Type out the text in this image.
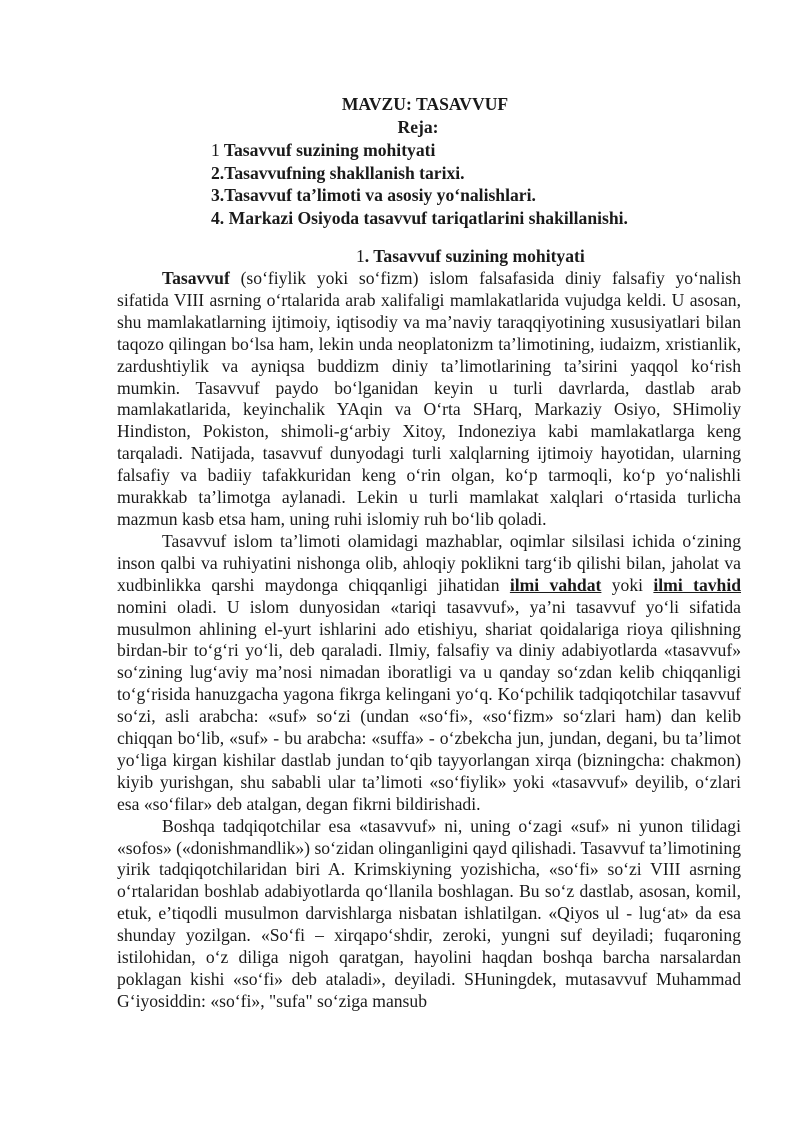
MAVZU: TASAVVUF
Reja:
1 Tasavvuf suzining mohityati
2.Tasavvufning shakllanish tarixi.
3.Tasavvuf ta’limoti va asosiy yo‘nalishlari.
4. Markazi Osiyoda tasavvuf tariqatlarini shakillanishi.
1. Tasavvuf suzining mohityati

Tasavvuf (so‘fiylik yoki so‘fizm) islom falsafasida diniy falsafiy yo‘nalish sifatida VIII asrning o‘rtalarida arab xalifaligi mamlakatlarida vujudga keldi. U asosan, shu mamlakatlarning ijtimoiy, iqtisodiy va ma’naviy taraqqiyotining xususiyatlari bilan taqozo qilingan bo‘lsa ham, lekin unda neoplatonizm ta’limotining, iudaizm, xristianlik, zardushtiylik va ayniqsa buddizm diniy ta’limotlarining ta’sirini yaqqol ko‘rish mumkin. Tasavvuf paydo bo‘lganidan keyin u turli davrlarda, dastlab arab mamlakatlarida, keyinchalik YAqin va O‘rta SHarq, Markaziy Osiyo, SHimoliy Hindiston, Pokiston, shimoli-g‘arbiy Xitoy, Indoneziya kabi mamlakatlarga keng tarqaladi. Natijada, tasavvuf dunyodagi turli xalqlarning ijtimoiy hayotidan, ularning falsafiy va badiiy tafakkuridan keng o‘rin olgan, ko‘p tarmoqli, ko‘p yo‘nalishli murakkab ta’limotga aylanadi. Lekin u turli mamlakat xalqlari o‘rtasida turlicha mazmun kasb etsa ham, uning ruhi islomiy ruh bo‘lib qoladi.

Tasavvuf islom ta’limoti olamidagi mazhablar, oqimlar silsilasi ichida o‘zining inson qalbi va ruhiyatini nishonga olib, ahloqiy poklikni targ‘ib qilishi bilan, jaholat va xudbinlikka qarshi maydonga chiqqanligi jihatidan ilmi vahdat yoki ilmi tavhid nomini oladi. U islom dunyosidan «tariqi tasavvuf», ya’ni tasavvuf yo‘li sifatida musulmon ahlining el-yurt ishlarini ado etishiyu, shariat qoidalariga rioya qilishning birdan-bir to‘g‘ri yo‘li, deb qaraladi. Ilmiy, falsafiy va diniy adabiyotlarda «tasavvuf» so‘zining lug‘aviy ma’nosi nimadan iboratligi va u qanday so‘zdan kelib chiqqanligi to‘g‘risida hanuzgacha yagona fikrga kelingani yo‘q. Ko‘pchilik tadqiqotchilar tasavvuf so‘zi, asli arabcha: «suf» so‘zi (undan «so‘fi», «so‘fizm» so‘zlari ham) dan kelib chiqqan bo‘lib, «suf» - bu arabcha: «suffa» - o‘zbekcha jun, jundan, degani, bu ta’limot yo‘liga kirgan kishilar dastlab jundan to‘qib tayyorlangan xirqa (bizningcha: chakmon) kiyib yurishgan, shu sababli ular ta’limoti «so‘fiylik» yoki «tasavvuf» deyilib, o‘zlari esa «so‘filar» deb atalgan, degan fikrni bildirishadi.

Boshqa tadqiqotchilar esa «tasavvuf» ni, uning o‘zagi «suf» ni yunon tilidagi «sofos» («donishmandlik») so‘zidan olinganligini qayd qilishadi. Tasavvuf ta’limotining yirik tadqiqotchilaridan biri A. Krimskiyning yozishicha, «so‘fi» so‘zi VIII asrning o‘rtalaridan boshlab adabiyotlarda qo‘llanila boshlagan. Bu so‘z dastlab, asosan, komil, etuk, e’tiqodli musulmon darvishlarga nisbatan ishlatilgan. «Qiyos ul - lug‘at» da esa shunday yozilgan. «So‘fi – xirqapo‘shdir, zeroki, yungni suf deyiladi; fuqaroning istilohidan, o‘z diliga nigoh qaratgan, hayolini haqdan boshqa barcha narsalardan poklagan kishi «so‘fi» deb ataladi», deyiladi. SHuningdek, mutasavvuf Muhammad G‘iyosiddin: «so‘fi», "sufa" so‘ziga mansub
